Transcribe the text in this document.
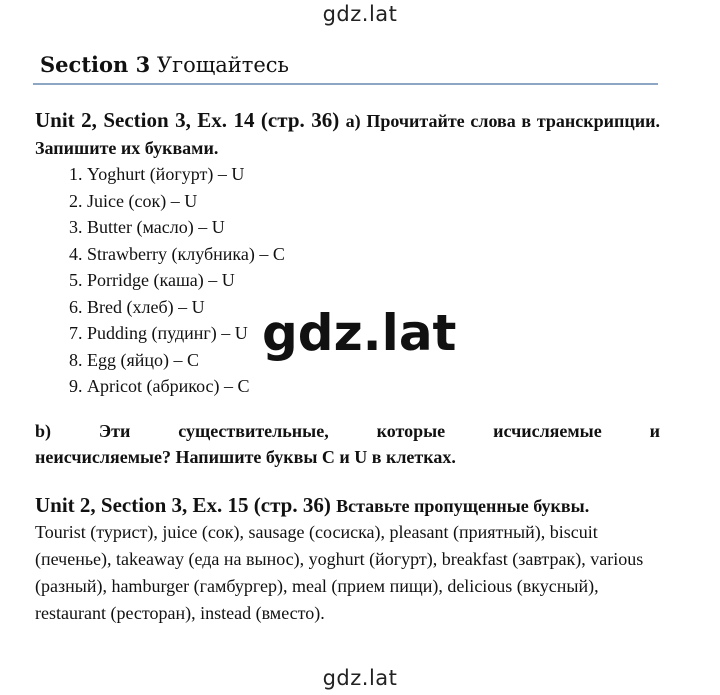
gdz.lat
Section 3 Угощайтесь
Unit 2, Section 3, Ex. 14 (стр. 36) a) Прочитайте слова в транскрипции. Запишите их буквами.
1. Yoghurt (йогурт) – U
2. Juice (сок) – U
3. Butter (масло) – U
4. Strawberry (клубника) – C
5. Porridge (каша) – U
6. Bred (хлеб) – U
7. Pudding (пудинг) – U
8. Egg (яйцо) – C
9. Apricot (абрикос) – C
b) Эти существительные, которые исчисляемые и
неисчисляемые? Напишите буквы C и U в клетках.
Unit 2, Section 3, Ex. 15 (стр. 36) Вставьте пропущенные буквы.
Tourist (турист), juice (сок), sausage (сосиска), pleasant (приятный), biscuit (печенье), takeaway (еда на вынос), yoghurt (йогурт), breakfast (завтрак), various (разный), hamburger (гамбургер), meal (прием пищи), delicious (вкусный), restaurant (ресторан), instead (вместо).
gdz.lat
gdz.lat
